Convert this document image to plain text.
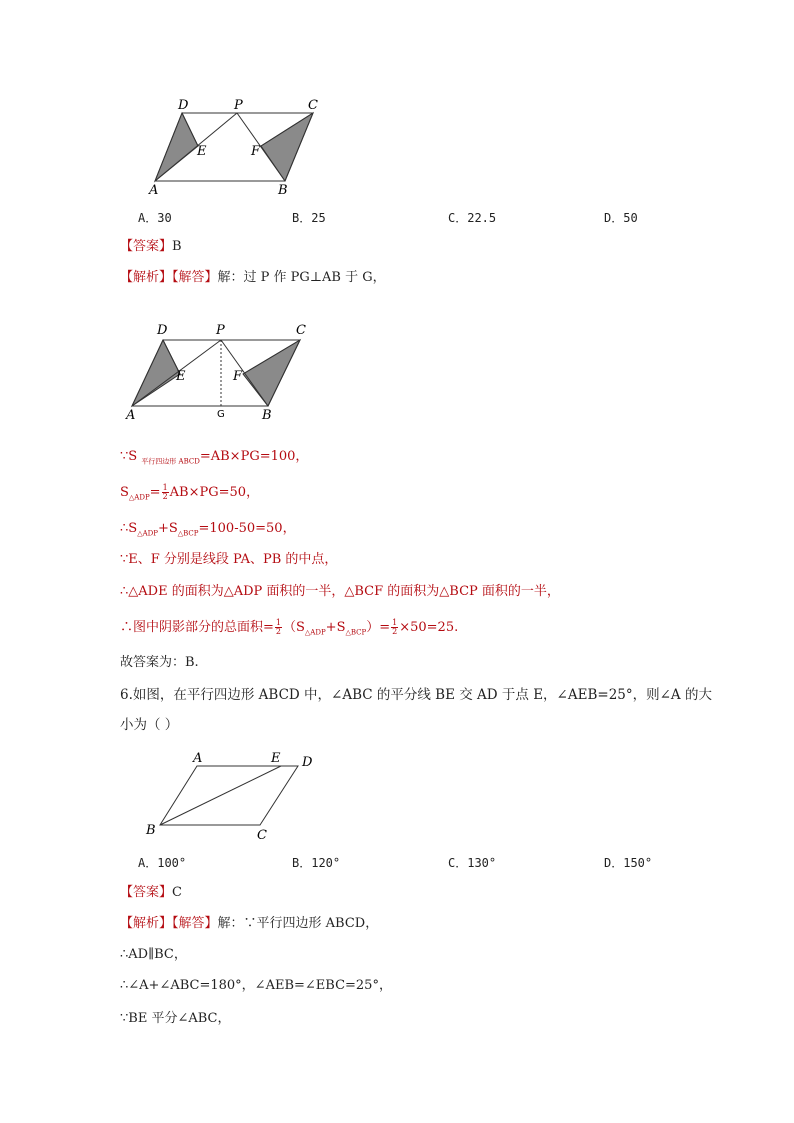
D	P	C
E	F
A	B
A．30	B．25	C．22.5	D．50
【答案】B
【解析】【解答】解：过 P 作 PG⊥AB 于 G，
D	P	C
E	F
A	G	B
∵S $_{平行四边形 ABCD}$=AB×PG=100，
$S_{\triangle ADP}= \frac{1}{2} AB\times PG=50$，
$\therefore S_{\triangle ADP}+S_{\triangle BCP}=100-50=50$，
∵E、F 分别是线段 PA、PB 的中点，
∴△ADE 的面积为△ADP 面积的一半，△BCF 的面积为△BCP 面积的一半，
∴图中阴影部分的总面积= $\frac{1}{2} (S_{\triangle ADP}+S_{\triangle BCP})= \frac{1}{2} \times 50=25$.
故答案为：B.
6.如图，在平行四边形 ABCD 中，∠ABC 的平分线 BE 交 AD 于点 E，∠AEB=25°，则∠A 的大
小为（ ）
A	E D
B	C
A．100°	B．120°	C．130°	D．150°
【答案】C
【解析】【解答】解：∵平行四边形 ABCD，
∴AD∥BC，
∴∠A+∠ABC=180°，∠AEB=∠EBC=25°，
∵BE 平分∠ABC，
